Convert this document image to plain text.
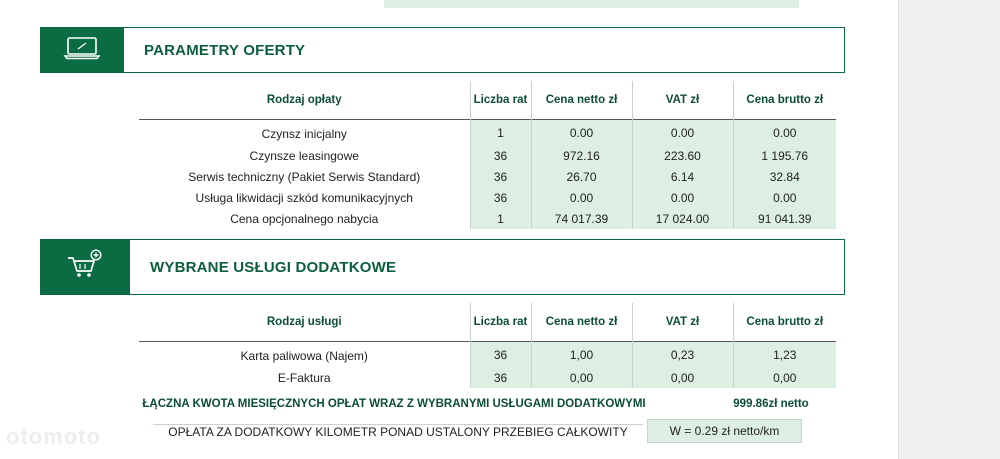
PARAMETRY OFERTY
Rodzaj opłaty	Liczba rat	Cena netto zł	VAT zł	Cena brutto zł
Czynsz inicjalny	1	0.00	0.00	0.00
Czynsze leasingowe	36	972.16	223.60	1 195.76
Serwis techniczny (Pakiet Serwis Standard)	36	26.70	6.14	32.84
Usługa likwidacji szkód komunikacyjnych	36	0.00	0.00	0.00
Cena opcjonalnego nabycia	1	74 017.39	17 024.00	91 041.39
WYBRANE USŁUGI DODATKOWE
Rodzaj usługi	Liczba rat	Cena netto zł	VAT zł	Cena brutto zł
Karta paliwowa (Najem)	36	1,00	0,23	1,23
E-Faktura	36	0,00	0,00	0,00
ŁĄCZNA KWOTA MIESIĘCZNYCH OPŁAT WRAZ Z WYBRANYMI USŁUGAMI DODATKOWYMI	999.86zł netto
OPŁATA ZA DODATKOWY KILOMETR PONAD USTALONY PRZEBIEG CAŁKOWITY	W = 0.29 zł netto/km
otomoto
